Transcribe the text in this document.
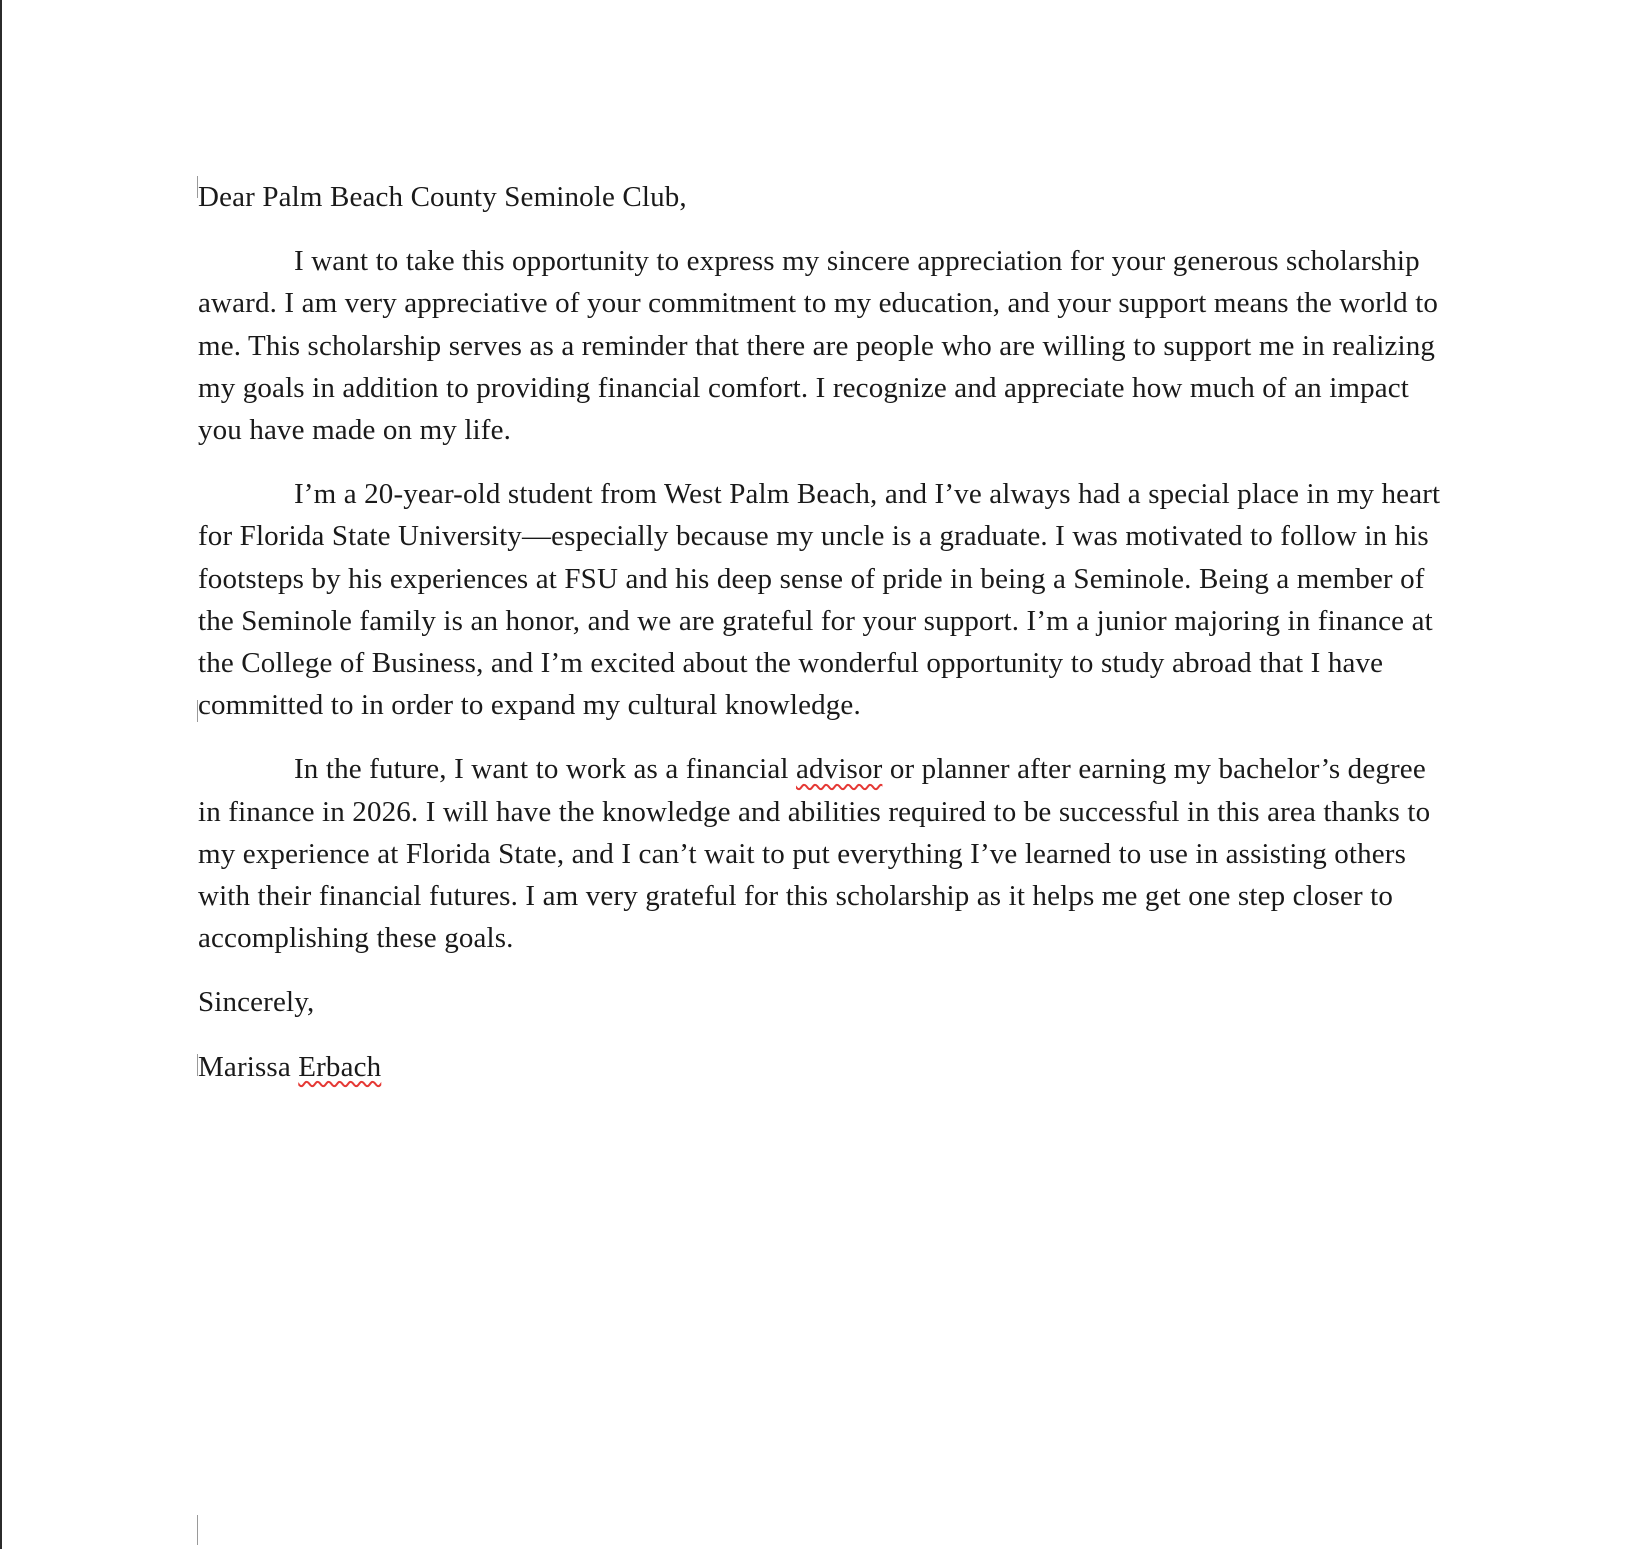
Dear Palm Beach County Seminole Club,

I want to take this opportunity to express my sincere appreciation for your generous scholarship award. I am very appreciative of your commitment to my education, and your support means the world to me. This scholarship serves as a reminder that there are people who are willing to support me in realizing my goals in addition to providing financial comfort. I recognize and appreciate how much of an impact you have made on my life.

I’m a 20-year-old student from West Palm Beach, and I’ve always had a special place in my heart for Florida State University—especially because my uncle is a graduate. I was motivated to follow in his footsteps by his experiences at FSU and his deep sense of pride in being a Seminole. Being a member of the Seminole family is an honor, and we are grateful for your support. I’m a junior majoring in finance at the College of Business, and I’m excited about the wonderful opportunity to study abroad that I have committed to in order to expand my cultural knowledge.

In the future, I want to work as a financial advisor or planner after earning my bachelor’s degree in finance in 2026. I will have the knowledge and abilities required to be successful in this area thanks to my experience at Florida State, and I can’t wait to put everything I’ve learned to use in assisting others with their financial futures. I am very grateful for this scholarship as it helps me get one step closer to accomplishing these goals.

Sincerely,

Marissa Erbach
